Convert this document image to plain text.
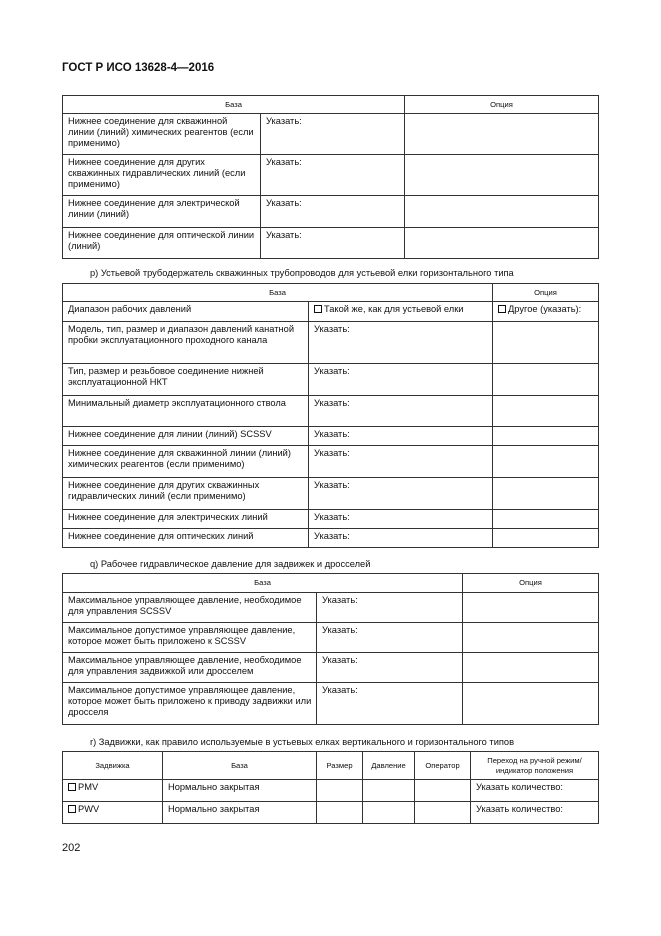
ГОСТ Р ИСО 13628-4—2016
База		Опция
Нижнее соединение для скважинной линии (линий) химических реагентов (если применимо)	Указать:	
Нижнее соединение для других скважинных гидравлических линий (если применимо)	Указать:	
Нижнее соединение для электрической линии (линий)	Указать:	
Нижнее соединение для оптической линии (линий)	Указать:	
p) Устьевой трубодержатель скважинных трубопроводов для устьевой елки горизонтального типа
База		Опция
Диапазон рабочих давлений	Такой же, как для устьевой елки	Другое (указать):
Модель, тип, размер и диапазон давлений канатной пробки эксплуатационного проходного канала	Указать:	
Тип, размер и резьбовое соединение нижней эксплуатационной НКТ	Указать:	
Минимальный диаметр эксплуатационного ствола	Указать:	
Нижнее соединение для линии (линий) SCSSV	Указать:	
Нижнее соединение для скважинной линии (линий) химических реагентов (если применимо)	Указать:	
Нижнее соединение для других скважинных гидравлических линий (если применимо)	Указать:	
Нижнее соединение для электрических линий	Указать:	
Нижнее соединение для оптических линий	Указать:	
q) Рабочее гидравлическое давление для задвижек и дросселей
База		Опция
Максимальное управляющее давление, необходимое для управления SCSSV	Указать:	
Максимальное допустимое управляющее давление, которое может быть приложено к SCSSV	Указать:	
Максимальное управляющее давление, необходимое для управления задвижкой или дросселем	Указать:	
Максимальное допустимое управляющее давление, которое может быть приложено к приводу задвижки или дросселя	Указать:	
r) Задвижки, как правило используемые в устьевых елках вертикального и горизонтального типов
Задвижка	База	Размер	Давление	Оператор	Переход на ручной режим/ индикатор положения
PMV	Нормально закрытая				Указать количество:
PWV	Нормально закрытая				Указать количество:
202
